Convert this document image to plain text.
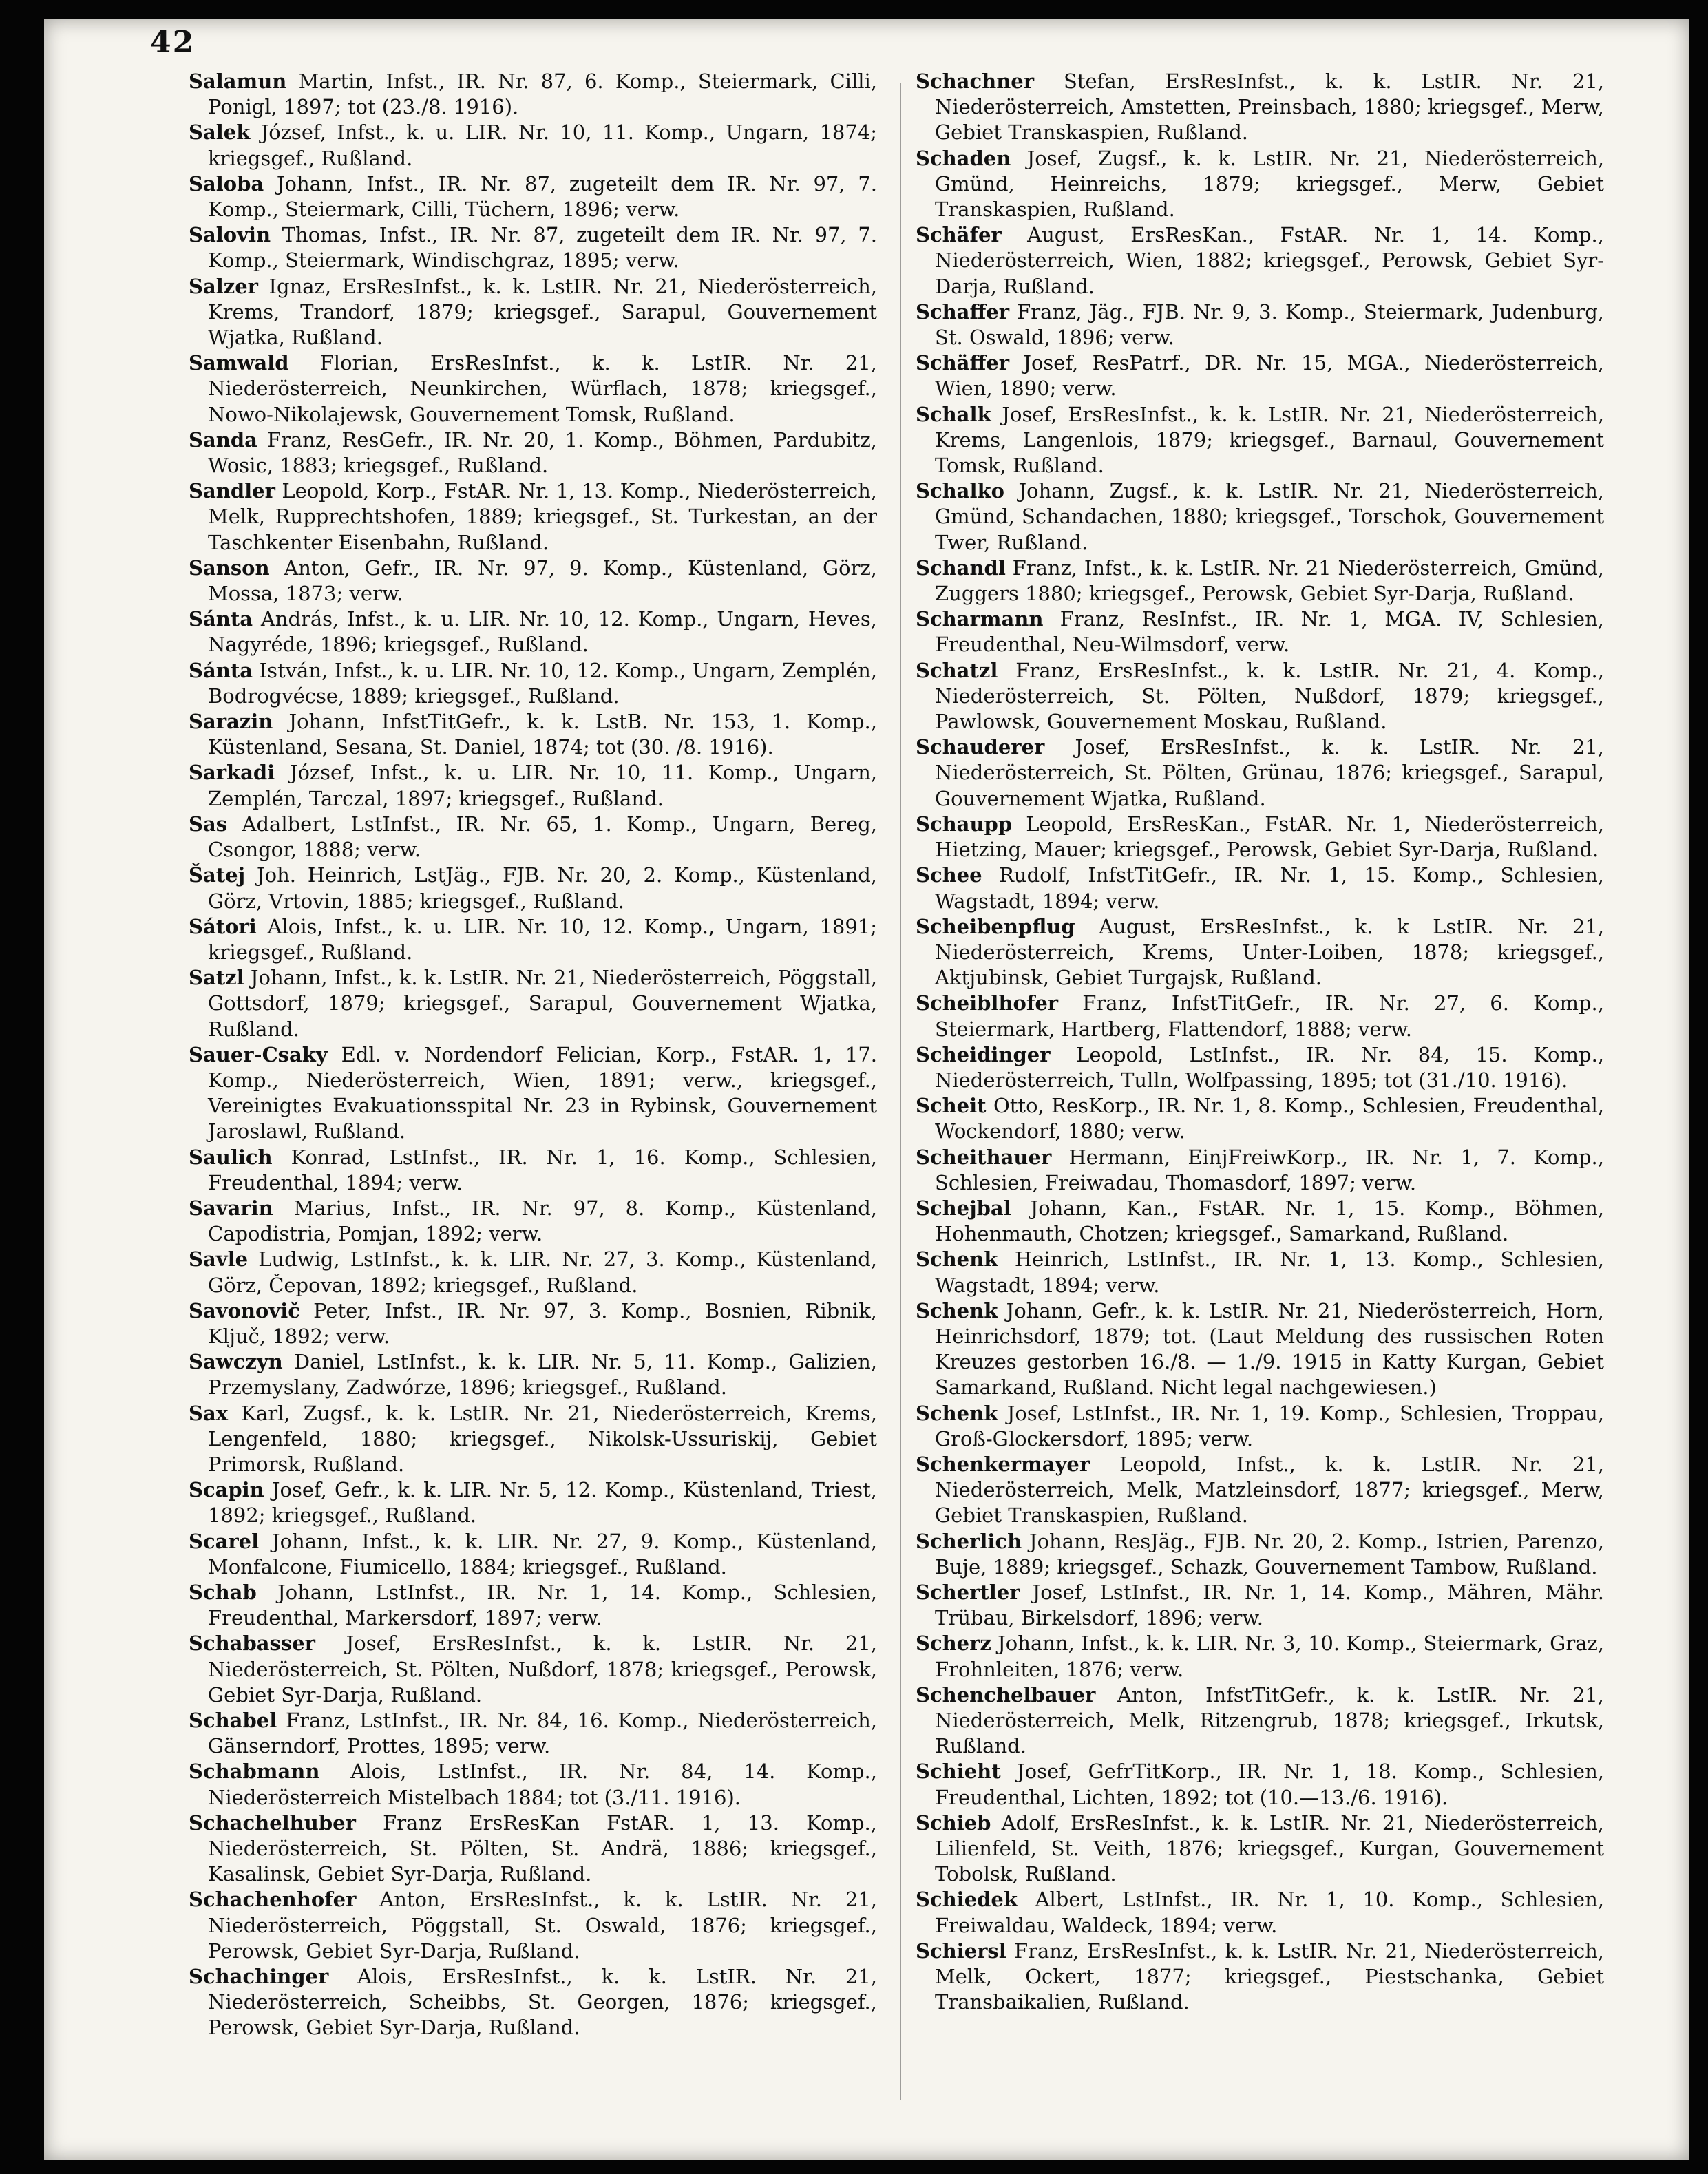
42

Salamun Martin, Infst., IR. Nr. 87, 6. Komp., Steiermark, Cilli, Ponigl, 1897; tot (23./8. 1916).

Salek József, Infst., k. u. LIR. Nr. 10, 11. Komp., Ungarn, 1874; kriegsgef., Rußland.

Saloba Johann, Infst., IR. Nr. 87, zugeteilt dem IR. Nr. 97, 7. Komp., Steiermark, Cilli, Tüchern, 1896; verw.

Salovin Thomas, Infst., IR. Nr. 87, zugeteilt dem IR. Nr. 97, 7. Komp., Steiermark, Windischgraz, 1895; verw.

Salzer Ignaz, ErsResInfst., k. k. LstIR. Nr. 21, Niederösterreich, Krems, Trandorf, 1879; kriegsgef., Sarapul, Gouvernement Wjatka, Rußland.

Samwald Florian, ErsResInfst., k. k. LstIR. Nr. 21, Niederösterreich, Neunkirchen, Würflach, 1878; kriegsgef., Nowo-Nikolajewsk, Gouvernement Tomsk, Rußland.

Sanda Franz, ResGefr., IR. Nr. 20, 1. Komp., Böhmen, Pardubitz, Wosic, 1883; kriegsgef., Rußland.

Sandler Leopold, Korp., FstAR. Nr. 1, 13. Komp., Niederösterreich, Melk, Rupprechtshofen, 1889; kriegsgef., St. Turkestan, an der Taschkenter Eisenbahn, Rußland.

Sanson Anton, Gefr., IR. Nr. 97, 9. Komp., Küstenland, Görz, Mossa, 1873; verw.

Sánta András, Infst., k. u. LIR. Nr. 10, 12. Komp., Ungarn, Heves, Nagyréde, 1896; kriegsgef., Rußland.

Sánta István, Infst., k. u. LIR. Nr. 10, 12. Komp., Ungarn, Zemplén, Bodrogvécse, 1889; kriegsgef., Rußland.

Sarazin Johann, InfstTitGefr., k. k. LstB. Nr. 153, 1. Komp., Küstenland, Sesana, St. Daniel, 1874; tot (30. /8. 1916).

Sarkadi József, Infst., k. u. LIR. Nr. 10, 11. Komp., Ungarn, Zemplén, Tarczal, 1897; kriegsgef., Rußland.

Sas Adalbert, LstInfst., IR. Nr. 65, 1. Komp., Ungarn, Bereg, Csongor, 1888; verw.

Šatej Joh. Heinrich, LstJäg., FJB. Nr. 20, 2. Komp., Küstenland, Görz, Vrtovin, 1885; kriegsgef., Rußland.

Sátori Alois, Infst., k. u. LIR. Nr. 10, 12. Komp., Ungarn, 1891; kriegsgef., Rußland.

Satzl Johann, Infst., k. k. LstIR. Nr. 21, Niederösterreich, Pöggstall, Gottsdorf, 1879; kriegsgef., Sarapul, Gouvernement Wjatka, Rußland.

Sauer-Csaky Edl. v. Nordendorf Felician, Korp., FstAR. 1, 17. Komp., Niederösterreich, Wien, 1891; verw., kriegsgef., Vereinigtes Evakuationsspital Nr. 23 in Rybinsk, Gouvernement Jaroslawl, Rußland.

Saulich Konrad, LstInfst., IR. Nr. 1, 16. Komp., Schlesien, Freudenthal, 1894; verw.

Savarin Marius, Infst., IR. Nr. 97, 8. Komp., Küstenland, Capodistria, Pomjan, 1892; verw.

Savle Ludwig, LstInfst., k. k. LIR. Nr. 27, 3. Komp., Küstenland, Görz, Čepovan, 1892; kriegsgef., Rußland.

Savonovič Peter, Infst., IR. Nr. 97, 3. Komp., Bosnien, Ribnik, Ključ, 1892; verw.

Sawczyn Daniel, LstInfst., k. k. LIR. Nr. 5, 11. Komp., Galizien, Przemyslany, Zadwórze, 1896; kriegsgef., Rußland.

Sax Karl, Zugsf., k. k. LstIR. Nr. 21, Niederösterreich, Krems, Lengenfeld, 1880; kriegsgef., Nikolsk-Ussuriskij, Gebiet Primorsk, Rußland.

Scapin Josef, Gefr., k. k. LIR. Nr. 5, 12. Komp., Küstenland, Triest, 1892; kriegsgef., Rußland.

Scarel Johann, Infst., k. k. LIR. Nr. 27, 9. Komp., Küstenland, Monfalcone, Fiumicello, 1884; kriegsgef., Rußland.

Schab Johann, LstInfst., IR. Nr. 1, 14. Komp., Schlesien, Freudenthal, Markersdorf, 1897; verw.

Schabasser Josef, ErsResInfst., k. k. LstIR. Nr. 21, Niederösterreich, St. Pölten, Nußdorf, 1878; kriegsgef., Perowsk, Gebiet Syr-Darja, Rußland.

Schabel Franz, LstInfst., IR. Nr. 84, 16. Komp., Niederösterreich, Gänserndorf, Prottes, 1895; verw.

Schabmann Alois, LstInfst., IR. Nr. 84, 14. Komp., Niederösterreich Mistelbach 1884; tot (3./11. 1916).

Schachelhuber Franz ErsResKan FstAR. 1, 13. Komp., Niederösterreich, St. Pölten, St. Andrä, 1886; kriegsgef., Kasalinsk, Gebiet Syr-Darja, Rußland.

Schachenhofer Anton, ErsResInfst., k. k. LstIR. Nr. 21, Niederösterreich, Pöggstall, St. Oswald, 1876; kriegsgef., Perowsk, Gebiet Syr-Darja, Rußland.

Schachinger Alois, ErsResInfst., k. k. LstIR. Nr. 21, Niederösterreich, Scheibbs, St. Georgen, 1876; kriegsgef., Perowsk, Gebiet Syr-Darja, Rußland.

Schachner Stefan, ErsResInfst., k. k. LstIR. Nr. 21, Niederösterreich, Amstetten, Preinsbach, 1880; kriegsgef., Merw, Gebiet Transkaspien, Rußland.

Schaden Josef, Zugsf., k. k. LstIR. Nr. 21, Niederösterreich, Gmünd, Heinreichs, 1879; kriegsgef., Merw, Gebiet Transkaspien, Rußland.

Schäfer August, ErsResKan., FstAR. Nr. 1, 14. Komp., Niederösterreich, Wien, 1882; kriegsgef., Perowsk, Gebiet Syr-Darja, Rußland.

Schaffer Franz, Jäg., FJB. Nr. 9, 3. Komp., Steiermark, Judenburg, St. Oswald, 1896; verw.

Schäffer Josef, ResPatrf., DR. Nr. 15, MGA., Niederösterreich, Wien, 1890; verw.

Schalk Josef, ErsResInfst., k. k. LstIR. Nr. 21, Niederösterreich, Krems, Langenlois, 1879; kriegsgef., Barnaul, Gouvernement Tomsk, Rußland.

Schalko Johann, Zugsf., k. k. LstIR. Nr. 21, Niederösterreich, Gmünd, Schandachen, 1880; kriegsgef., Torschok, Gouvernement Twer, Rußland.

Schandl Franz, Infst., k. k. LstIR. Nr. 21 Niederösterreich, Gmünd, Zuggers 1880; kriegsgef., Perowsk, Gebiet Syr-Darja, Rußland.

Scharmann Franz, ResInfst., IR. Nr. 1, MGA. IV, Schlesien, Freudenthal, Neu-Wilmsdorf, verw.

Schatzl Franz, ErsResInfst., k. k. LstIR. Nr. 21, 4. Komp., Niederösterreich, St. Pölten, Nußdorf, 1879; kriegsgef., Pawlowsk, Gouvernement Moskau, Rußland.

Schauderer Josef, ErsResInfst., k. k. LstIR. Nr. 21, Niederösterreich, St. Pölten, Grünau, 1876; kriegsgef., Sarapul, Gouvernement Wjatka, Rußland.

Schaupp Leopold, ErsResKan., FstAR. Nr. 1, Niederösterreich, Hietzing, Mauer; kriegsgef., Perowsk, Gebiet Syr-Darja, Rußland.

Schee Rudolf, InfstTitGefr., IR. Nr. 1, 15. Komp., Schlesien, Wagstadt, 1894; verw.

Scheibenpflug August, ErsResInfst., k. k LstIR. Nr. 21, Niederösterreich, Krems, Unter-Loiben, 1878; kriegsgef., Aktjubinsk, Gebiet Turgajsk, Rußland.

Scheiblhofer Franz, InfstTitGefr., IR. Nr. 27, 6. Komp., Steiermark, Hartberg, Flattendorf, 1888; verw.

Scheidinger Leopold, LstInfst., IR. Nr. 84, 15. Komp., Niederösterreich, Tulln, Wolfpassing, 1895; tot (31./10. 1916).

Scheit Otto, ResKorp., IR. Nr. 1, 8. Komp., Schlesien, Freudenthal, Wockendorf, 1880; verw.

Scheithauer Hermann, EinjFreiwKorp., IR. Nr. 1, 7. Komp., Schlesien, Freiwadau, Thomasdorf, 1897; verw.

Schejbal Johann, Kan., FstAR. Nr. 1, 15. Komp., Böhmen, Hohenmauth, Chotzen; kriegsgef., Samarkand, Rußland.

Schenk Heinrich, LstInfst., IR. Nr. 1, 13. Komp., Schlesien, Wagstadt, 1894; verw.

Schenk Johann, Gefr., k. k. LstIR. Nr. 21, Niederösterreich, Horn, Heinrichsdorf, 1879; tot. (Laut Meldung des russischen Roten Kreuzes gestorben 16./8. — 1./9. 1915 in Katty Kurgan, Gebiet Samarkand, Rußland. Nicht legal nachgewiesen.)

Schenk Josef, LstInfst., IR. Nr. 1, 19. Komp., Schlesien, Troppau, Groß-Glockersdorf, 1895; verw.

Schenkermayer Leopold, Infst., k. k. LstIR. Nr. 21, Niederösterreich, Melk, Matzleinsdorf, 1877; kriegsgef., Merw, Gebiet Transkaspien, Rußland.

Scherlich Johann, ResJäg., FJB. Nr. 20, 2. Komp., Istrien, Parenzo, Buje, 1889; kriegsgef., Schazk, Gouvernement Tambow, Rußland.

Schertler Josef, LstInfst., IR. Nr. 1, 14. Komp., Mähren, Mähr. Trübau, Birkelsdorf, 1896; verw.

Scherz Johann, Infst., k. k. LIR. Nr. 3, 10. Komp., Steiermark, Graz, Frohnleiten, 1876; verw.

Schenchelbauer Anton, InfstTitGefr., k. k. LstIR. Nr. 21, Niederösterreich, Melk, Ritzengrub, 1878; kriegsgef., Irkutsk, Rußland.

Schieht Josef, GefrTitKorp., IR. Nr. 1, 18. Komp., Schlesien, Freudenthal, Lichten, 1892; tot (10.—13./6. 1916).

Schieb Adolf, ErsResInfst., k. k. LstIR. Nr. 21, Niederösterreich, Lilienfeld, St. Veith, 1876; kriegsgef., Kurgan, Gouvernement Tobolsk, Rußland.

Schiedek Albert, LstInfst., IR. Nr. 1, 10. Komp., Schlesien, Freiwaldau, Waldeck, 1894; verw.

Schiersl Franz, ErsResInfst., k. k. LstIR. Nr. 21, Niederösterreich, Melk, Ockert, 1877; kriegsgef., Piestschanka, Gebiet Transbaikalien, Rußland.
